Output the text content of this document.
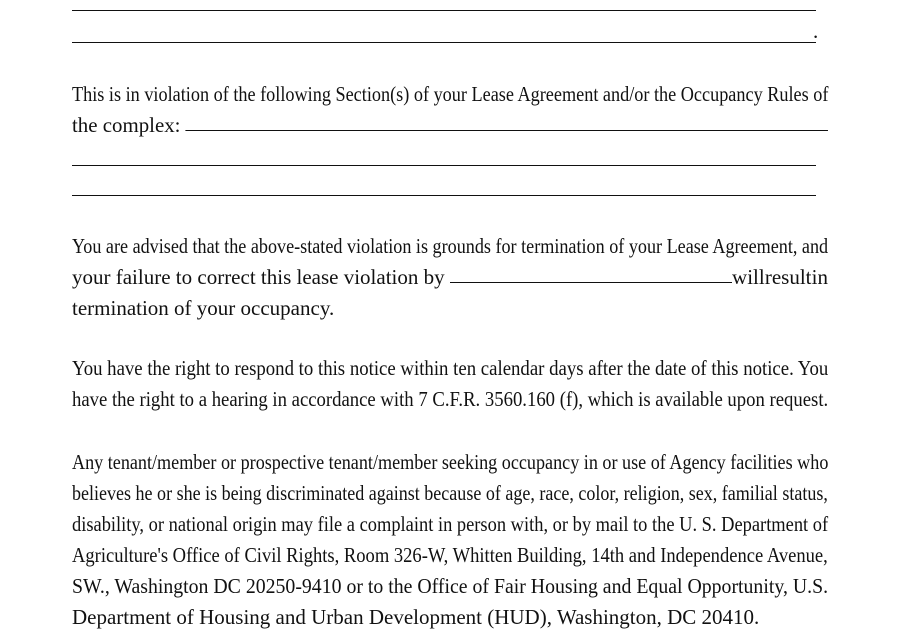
.
This is in violation of the following Section(s) of your Lease Agreement and/or the Occupancy Rules of
the complex:
You are advised that the above-stated violation is grounds for termination of your Lease Agreement, and
your failure to correct this lease violation by	will result in
termination of your occupancy.
You have the right to respond to this notice within ten calendar days after the date of this notice. You
have the right to a hearing in accordance with 7 C.F.R. 3560.160 (f), which is available upon request.
Any tenant/member or prospective tenant/member seeking occupancy in or use of Agency facilities who
believes he or she is being discriminated against because of age, race, color, religion, sex, familial status,
disability, or national origin may file a complaint in person with, or by mail to the U. S. Department of
Agriculture's Office of Civil Rights, Room 326-W, Whitten Building, 14th and Independence Avenue,
SW., Washington DC 20250-9410 or to the Office of Fair Housing and Equal Opportunity, U.S.
Department of Housing and Urban Development (HUD), Washington, DC 20410.
